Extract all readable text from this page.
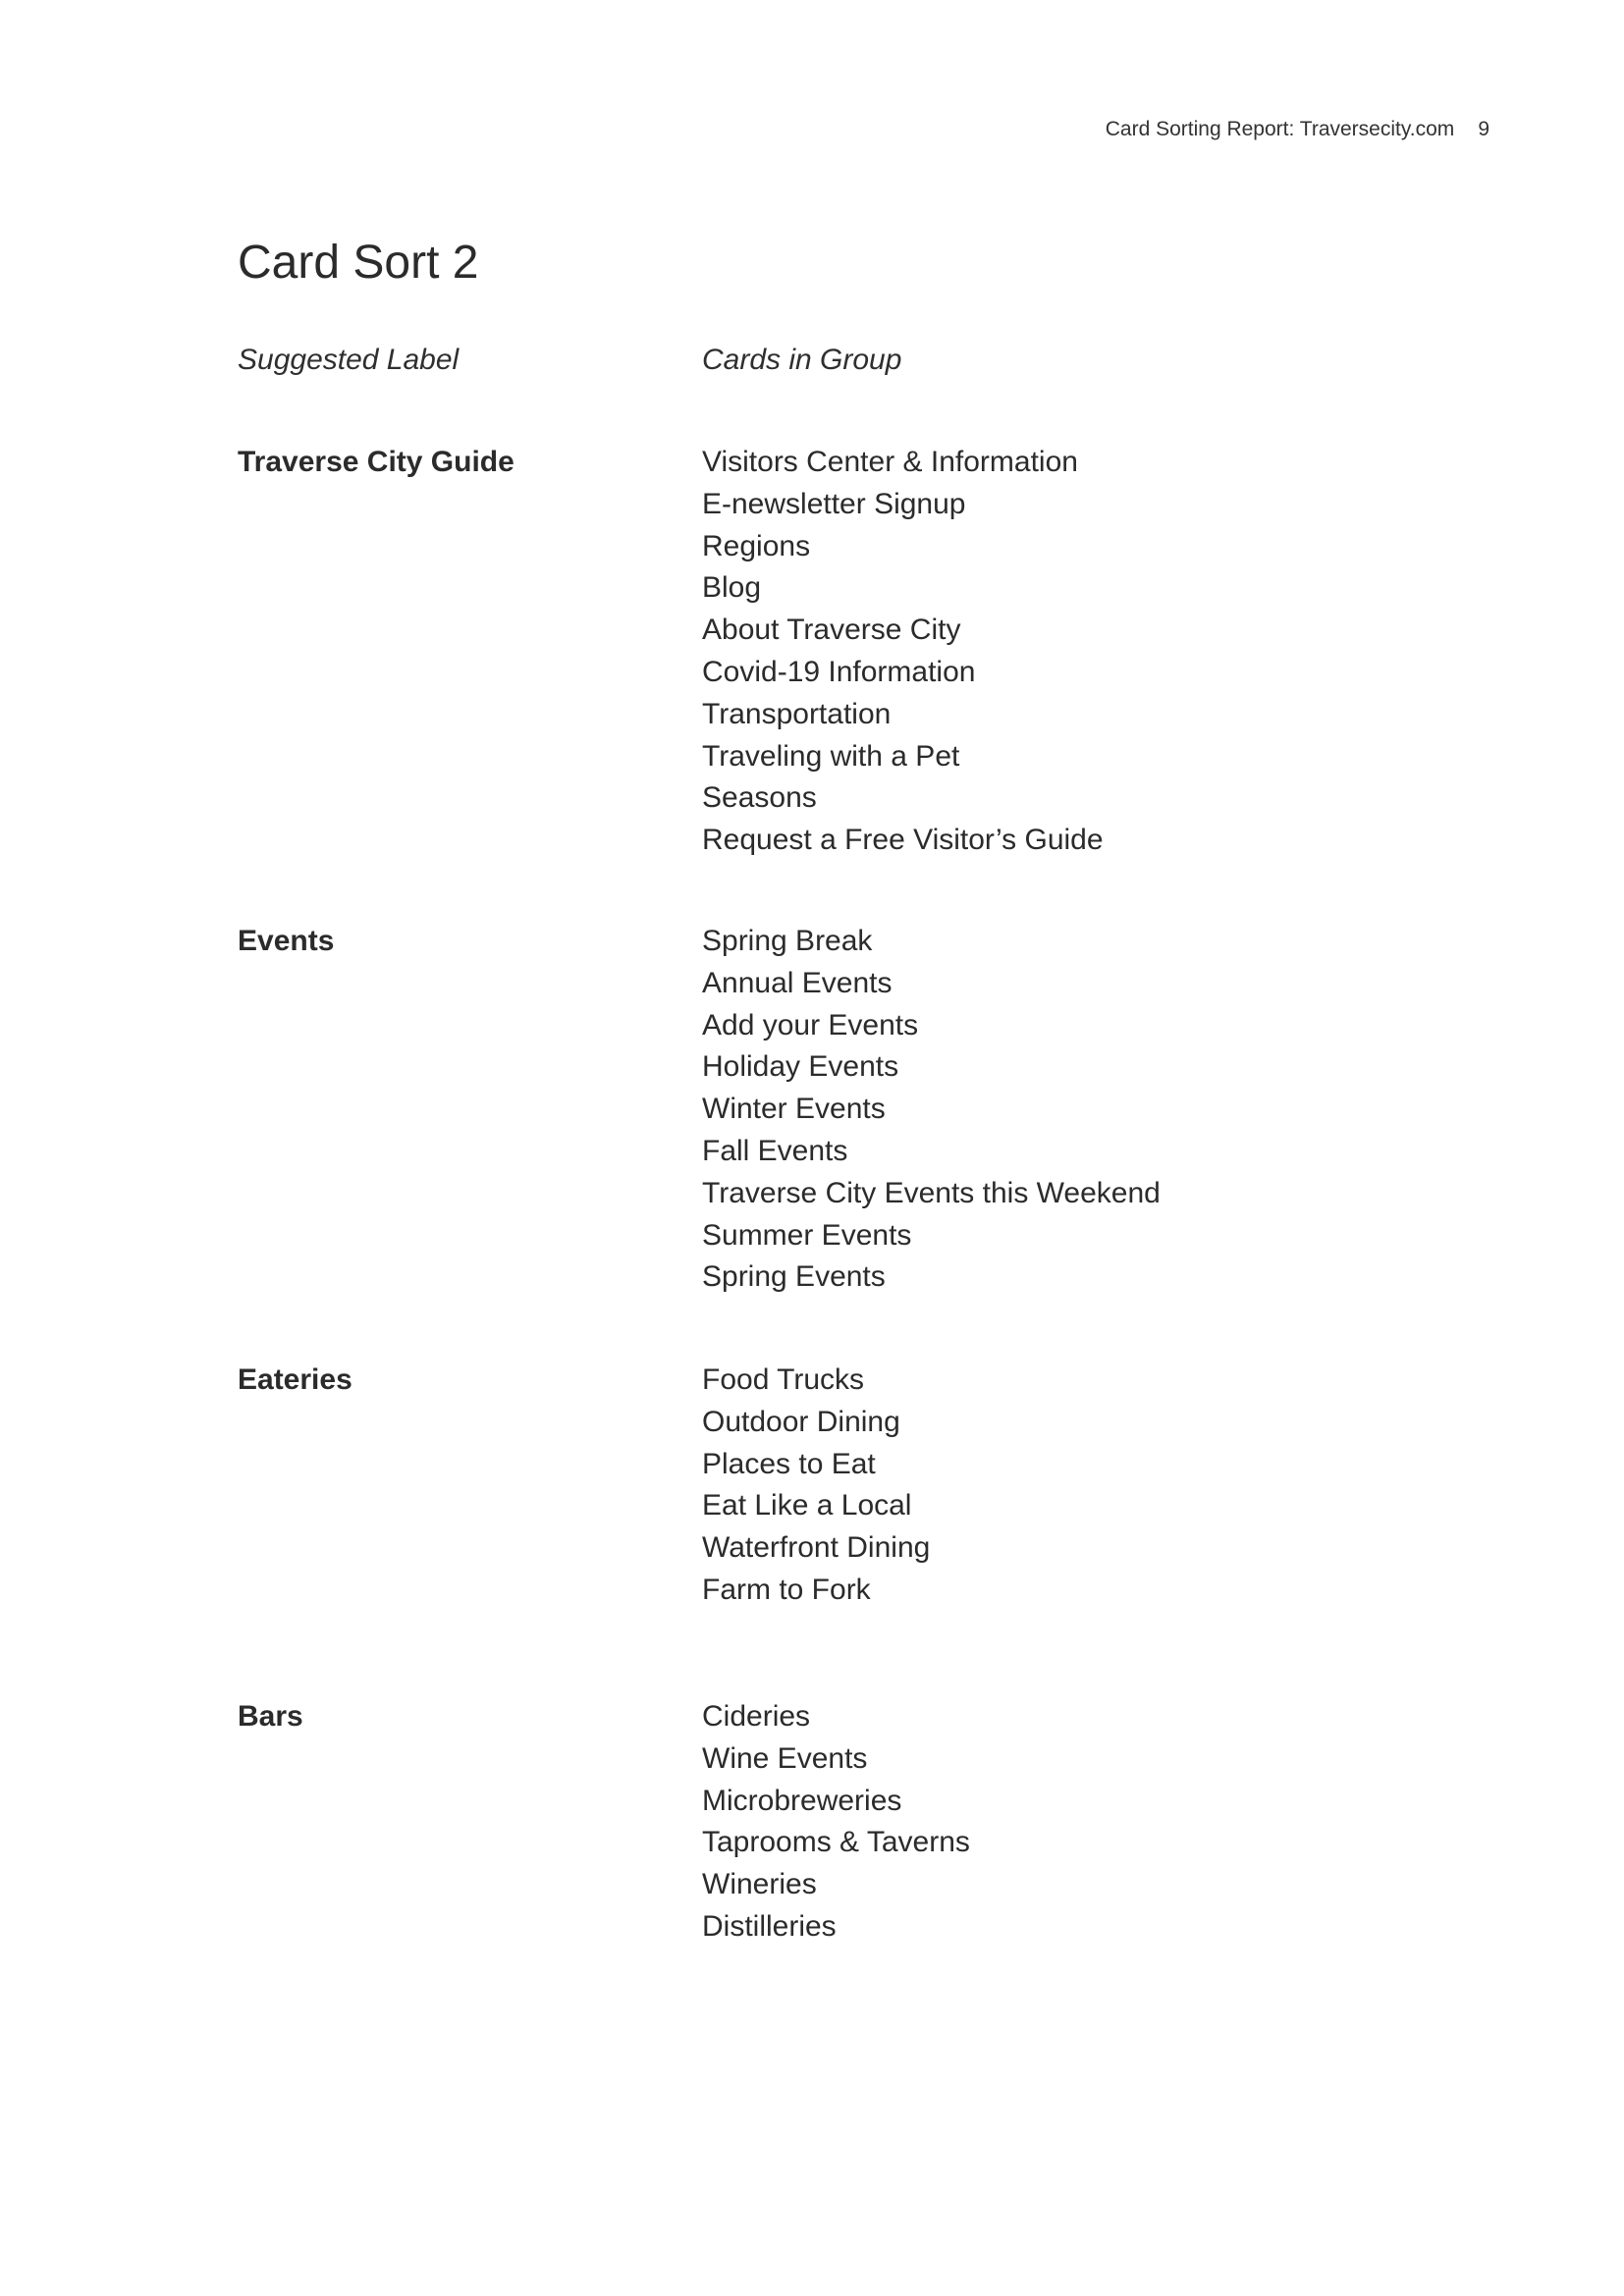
Card Sorting Report: Traversecity.com 9
Card Sort 2
Suggested Label	Cards in Group
Traverse City Guide	Visitors Center & Information
E-newsletter Signup
Regions
Blog
About Traverse City
Covid-19 Information
Transportation
Traveling with a Pet
Seasons
Request a Free Visitor’s Guide
Events	Spring Break
Annual Events
Add your Events
Holiday Events
Winter Events
Fall Events
Traverse City Events this Weekend
Summer Events
Spring Events
Eateries	Food Trucks
Outdoor Dining
Places to Eat
Eat Like a Local
Waterfront Dining
Farm to Fork
Bars	Cideries
Wine Events
Microbreweries
Taprooms & Taverns
Wineries
Distilleries
